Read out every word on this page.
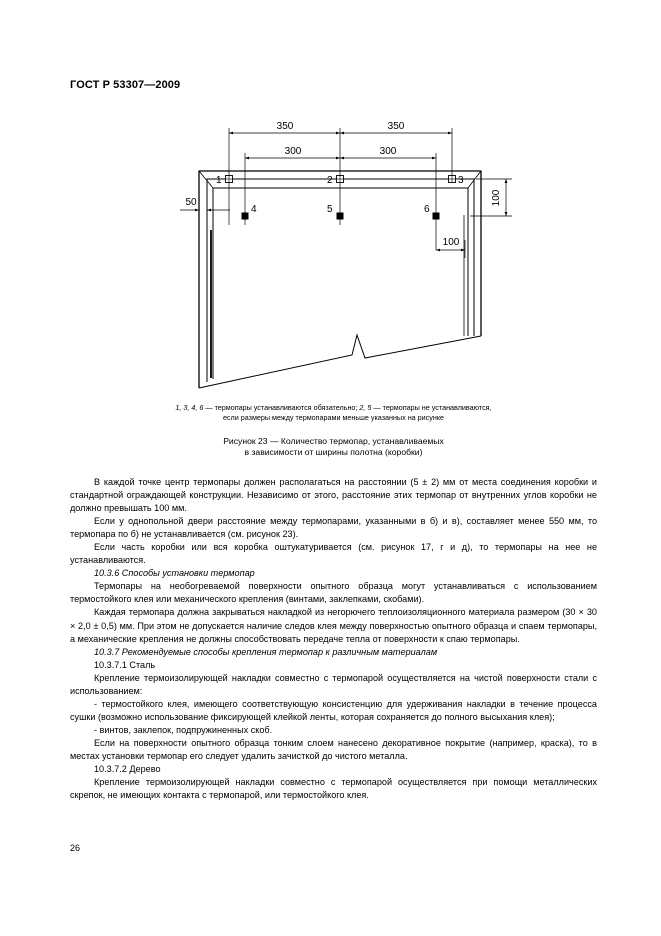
ГОСТ Р 53307—2009
350	350
300	300
100
100
50
1	2	3
4	5	6
1, 3, 4, 6 — термопары устанавливаются обязательно; 2, 5 — термопары не устанавливаются,
если размеры между термопарами меньше указанных на рисунке
Рисунок 23 — Количество термопар, устанавливаемых
в зависимости от ширины полотна (коробки)

В каждой точке центр термопары должен располагаться на расстоянии (5 ± 2) мм от места соединения коробки и стандартной ограждающей конструкции. Независимо от этого, расстояние этих термопар от внутренних углов коробки не должно превышать 100 мм.

Если у однопольной двери расстояние между термопарами, указанными в б) и в), составляет менее 550 мм, то термопара по б) не устанавливается (см. рисунок 23).

Если часть коробки или вся коробка оштукатуривается (см. рисунок 17, г и д), то термопары на нее не устанавливаются.

10.3.6 Способы установки термопар

Термопары на необогреваемой поверхности опытного образца могут устанавливаться с использованием термостойкого клея или механического крепления (винтами, заклепками, скобами).

Каждая термопара должна закрываться накладкой из негорючего теплоизоляционного материала размером (30 × 30 × 2,0 ± 0,5) мм. При этом не допускается наличие следов клея между поверхностью опытного образца и спаем термопары, а механические крепления не должны способствовать передаче тепла от поверхности к спаю термопары.

10.3.7 Рекомендуемые способы крепления термопар к различным материалам

10.3.7.1 Сталь

Крепление термоизолирующей накладки совместно с термопарой осуществляется на чистой поверхности стали с использованием:

- термостойкого клея, имеющего соответствующую консистенцию для удерживания накладки в течение процесса сушки (возможно использование фиксирующей клейкой ленты, которая сохраняется до полного высыхания клея);

- винтов, заклепок, подпружиненных скоб.

Если на поверхности опытного образца тонким слоем нанесено декоративное покрытие (например, краска), то в местах установки термопар его следует удалить зачисткой до чистого металла.

10.3.7.2 Дерево

Крепление термоизолирующей накладки совместно с термопарой осуществляется при помощи металлических скрепок, не имеющих контакта с термопарой, или термостойкого клея.

26
